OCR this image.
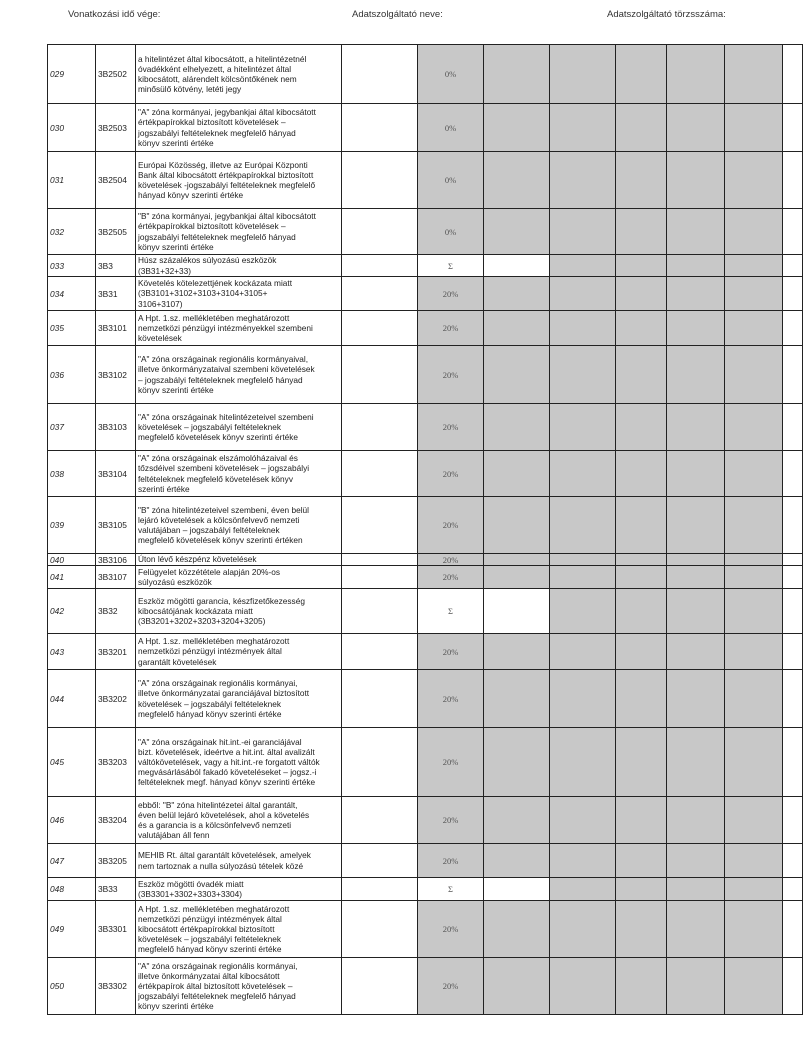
Vonatkozási idő vége:	Adatszolgáltató neve:	Adatszolgáltató törzsszáma:
029	3B2502	a hitelintézet által kibocsátott, a hitelintézetnél
óvadékként elhelyezett, a hitelintézet által
kibocsátott, alárendelt kölcsöntőkének nem
minősülő kötvény, letéti jegy		0%						
030	3B2503	"A" zóna kormányai, jegybankjai által kibocsátott
értékpapírokkal biztosított követelések –
jogszabályi feltételeknek megfelelő hányad
könyv szerinti értéke		0%						
031	3B2504	Európai Közösség, illetve az Európai Központi
Bank által kibocsátott értékpapírokkal biztosított
követelések -jogszabályi feltételeknek megfelelő
hányad könyv szerinti értéke		0%						
032	3B2505	"B" zóna kormányai, jegybankjai által kibocsátott
értékpapírokkal biztosított követelések –
jogszabályi feltételeknek megfelelő hányad
könyv szerinti értéke		0%						
033	3B3	Húsz százalékos súlyozású eszközök
(3B31+32+33)		Σ						
034	3B31	Követelés kötelezettjének kockázata miatt
(3B3101+3102+3103+3104+3105+
3106+3107)		20%						
035	3B3101	A Hpt. 1.sz. mellékletében meghatározott
nemzetközi pénzügyi intézményekkel szembeni
követelések		20%						
036	3B3102	"A" zóna országainak regionális kormányaival,
illetve önkormányzataival szembeni követelések
– jogszabályi feltételeknek megfelelő hányad
könyv szerinti értéke		20%						
037	3B3103	"A" zóna országainak hitelintézeteivel szembeni
követelések – jogszabályi feltételeknek
megfelelő követelések könyv szerinti értéke		20%						
038	3B3104	"A" zóna országainak elszámolóházaival és
tőzsdéivel szembeni követelések – jogszabályi
feltételeknek megfelelő követelések könyv
szerinti értéke		20%						
039	3B3105	"B" zóna hitelintézeteivel szembeni, éven belül
lejáró követelések a kölcsönfelvevő nemzeti
valutájában – jogszabályi feltételeknek
megfelelő követelések könyv szerinti értéken		20%						
040	3B3106	Úton lévő készpénz követelések		20%						
041	3B3107	Felügyelet közzététele alapján 20%-os
súlyozású eszközök		20%						
042	3B32	Eszköz mögötti garancia, készfizetőkezesség
kibocsátójának kockázata miatt
(3B3201+3202+3203+3204+3205)		Σ						
043	3B3201	A Hpt. 1.sz. mellékletében meghatározott
nemzetközi pénzügyi intézmények által
garantált követelések		20%						
044	3B3202	"A" zóna országainak regionális kormányai,
illetve önkormányzatai garanciájával biztosított
követelések – jogszabályi feltételeknek
megfelelő hányad könyv szerinti értéke		20%						
045	3B3203	"A" zóna országainak hit.int.-ei garanciájával
bizt. követelések, ideértve a hit.int. által avalizált
váltókövetelések, vagy a hit.int.-re forgatott váltók
megvásárlásából fakadó követeléseket – jogsz.-i
feltételeknek megf. hányad könyv szerinti értéke		20%						
046	3B3204	ebből: "B" zóna hitelintézetei által garantált,
éven belül lejáró követelések, ahol a követelés
és a garancia is a kölcsönfelvevő nemzeti
valutájában áll fenn		20%						
047	3B3205	MEHIB Rt. által garantált követelések, amelyek
nem tartoznak a nulla súlyozású tételek közé		20%						
048	3B33	Eszköz mögötti óvadék miatt
(3B3301+3302+3303+3304)		Σ						
049	3B3301	A Hpt. 1.sz. mellékletében meghatározott
nemzetközi pénzügyi intézmények által
kibocsátott értékpapírokkal biztosított
követelések – jogszabályi feltételeknek
megfelelő hányad könyv szerinti értéke		20%						
050	3B3302	"A" zóna országainak regionális kormányai,
illetve önkormányzatai által kibocsátott
értékpapírok által biztosított követelések –
jogszabályi feltételeknek megfelelő hányad
könyv szerinti értéke		20%						
